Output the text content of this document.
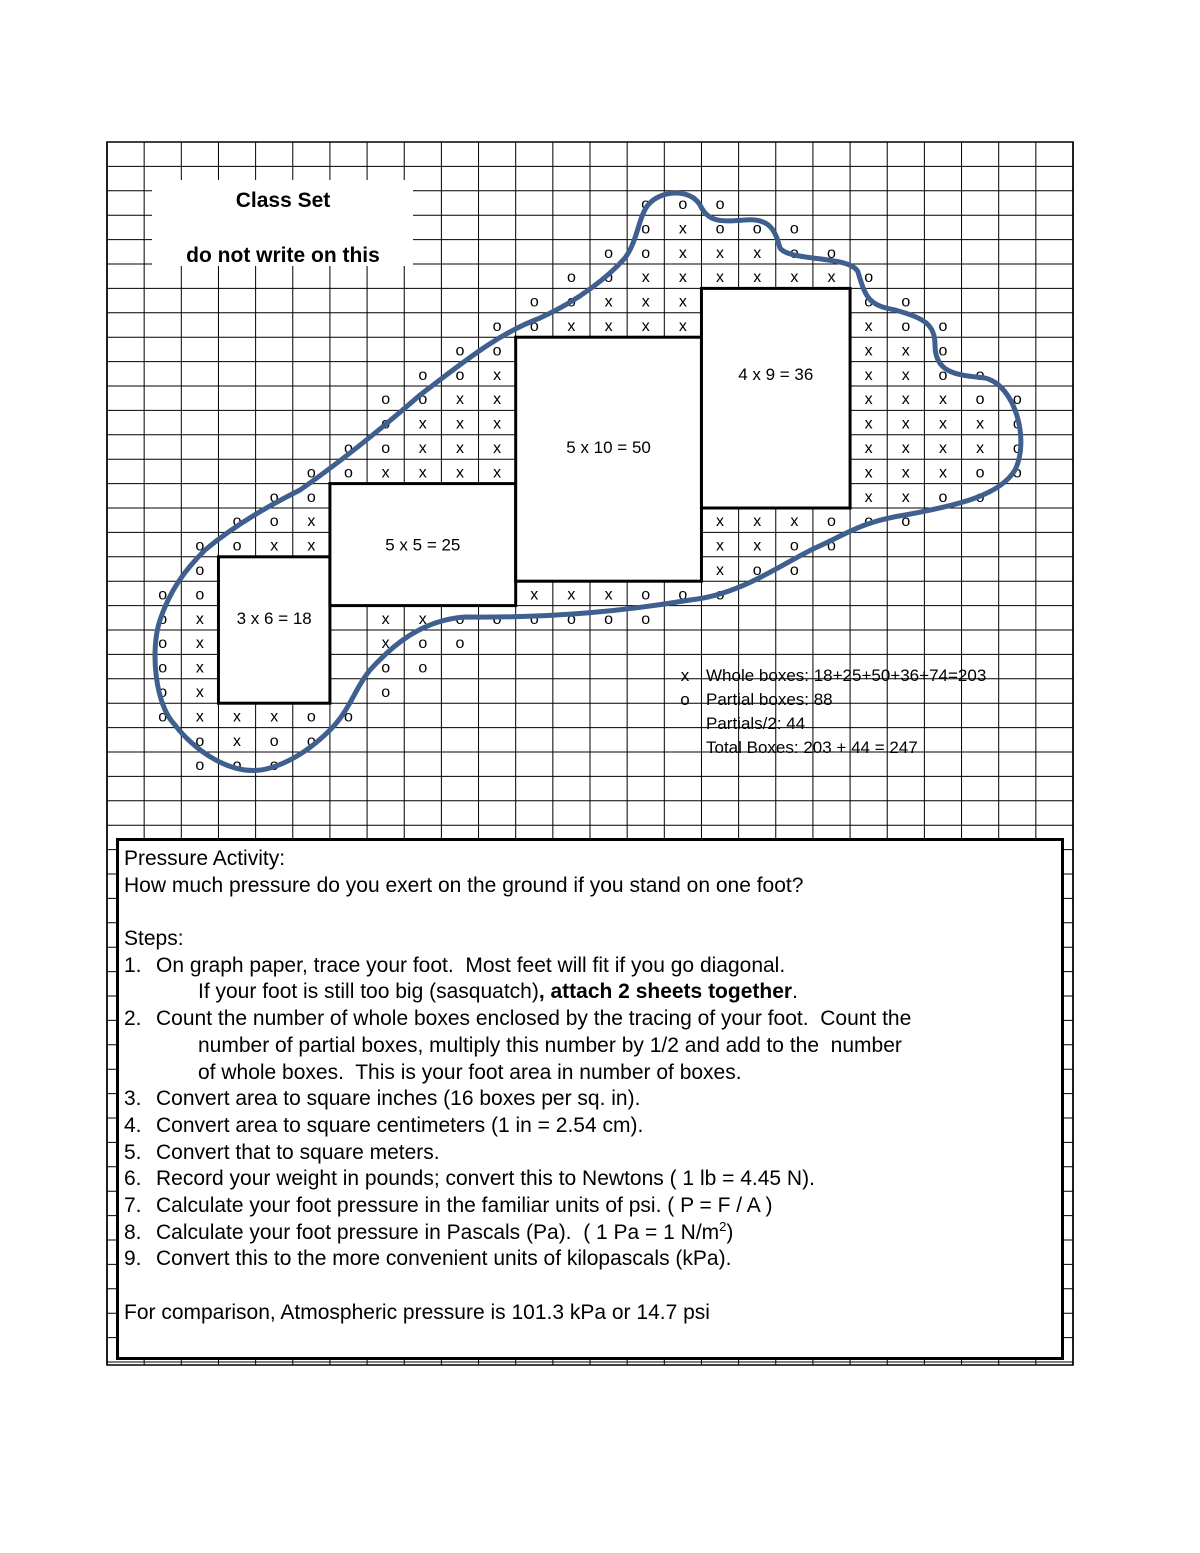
Class Set
do not write on this
o o o
o x o o o
o o x x x o o
o o x x x x x x o
o o x x x	o o
o o x x x x	x o o
o o	x x o
o o x	x x o o
o o x x	x x x o o
o x x x	x x x x o
o o x x x	x x x x o
o o x x x x	x x x o o
o o	x x o o
o o x	x x x o o o
o o x x	x x o o
o	x o o
o o	x x x o o o
o x	x x o o o o o o
o x	x o o
o x	o o
o x	o
o x x x o o
o x o o
o o o
3 x 6 = 18
5 x 5 = 25
5 x 10 = 50
4 x 9 = 36
x Whole boxes: 18+25+50+36+74=203
o Partial boxes: 88
Partials/2: 44
Total Boxes: 203 + 44 = 247
Pressure Activity:
How much pressure do you exert on the ground if you stand on one foot?
Steps:
1. On graph paper, trace your foot.  Most feet will fit if you go diagonal.
If your foot is still too big (sasquatch), attach 2 sheets together.
2. Count the number of whole boxes enclosed by the tracing of your foot.  Count the
number of partial boxes, multiply this number by 1/2 and add to the  number
of whole boxes.  This is your foot area in number of boxes.
3. Convert area to square inches (16 boxes per sq. in).
4. Convert area to square centimeters (1 in = 2.54 cm).
5. Convert that to square meters.
6. Record your weight in pounds; convert this to Newtons ( 1 lb = 4.45 N).
7. Calculate your foot pressure in the familiar units of psi. ( P = F / A )
8. Calculate your foot pressure in Pascals (Pa).  ( 1 Pa = 1 $N/m^2$)
9. Convert this to the more convenient units of kilopascals (kPa).
For comparison, Atmospheric pressure is 101.3 kPa or 14.7 psi
